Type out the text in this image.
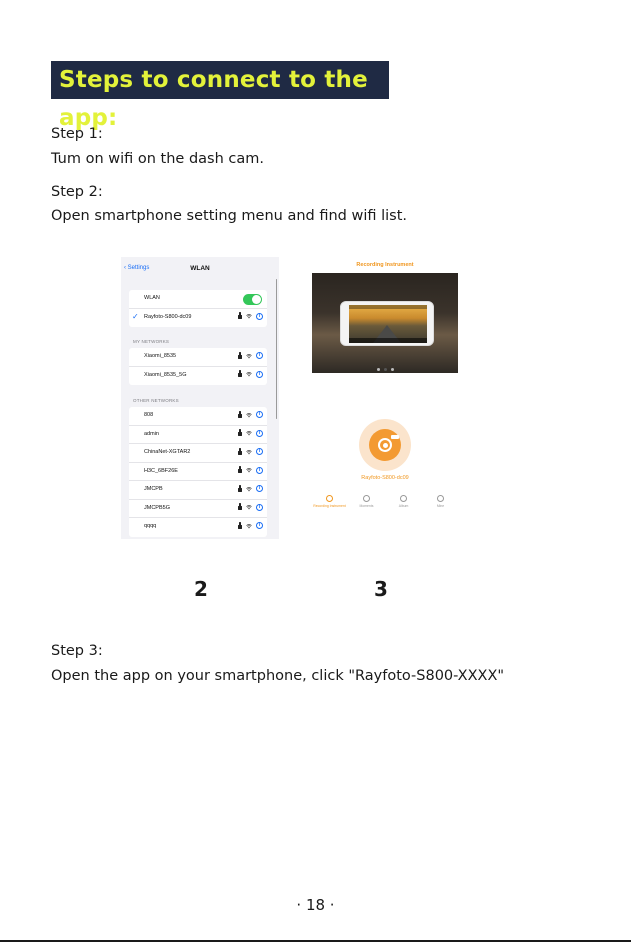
Steps to connect to the app:
Step 1:
Tum on wifi on the dash cam.
Step 2:
Open smartphone setting menu and find wifi list.
‹ Settings	WLAN
WLAN
✓ Rayfoto-S800-dc09	i
MY NETWORKS
Xiaomi_8535	i
Xiaomi_8535_5G	i
OTHER NETWORKS
808	i
admin	i
ChinaNet-XGTAR2	i
H3C_6BF26E	i
JMCPB	i
JMCPB5G	i
qqqq	i
Recording Instrument
Rayfoto-S800-dc09
Recording Instrument	Moments	Album	Mine
2	3
Step 3:
Open the app on your smartphone, click "Rayfoto-S800-XXXX"
· 18 ·
